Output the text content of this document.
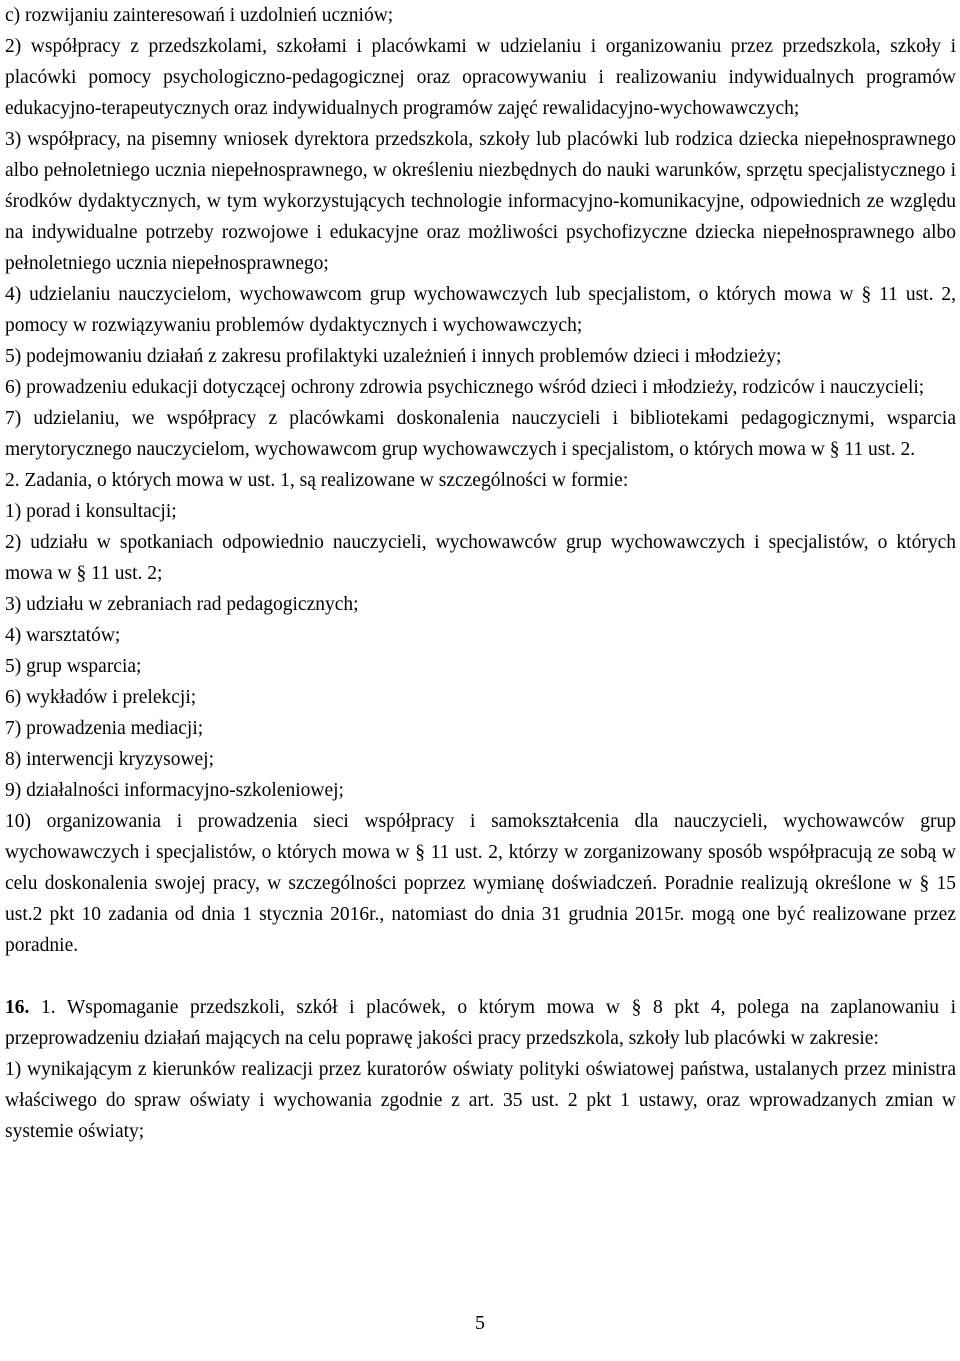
c) rozwijaniu zainteresowań i uzdolnień uczniów;

2) współpracy z przedszkolami, szkołami i placówkami w udzielaniu i organizowaniu przez przedszkola, szkoły i placówki pomocy psychologiczno-pedagogicznej oraz opracowywaniu i realizowaniu indywidualnych programów edukacyjno-terapeutycznych oraz indywidualnych programów zajęć rewalidacyjno-wychowawczych;

3) współpracy, na pisemny wniosek dyrektora przedszkola, szkoły lub placówki lub rodzica dziecka niepełnosprawnego albo pełnoletniego ucznia niepełnosprawnego, w określeniu niezbędnych do nauki warunków, sprzętu specjalistycznego i środków dydaktycznych, w tym wykorzystujących technologie informacyjno-komunikacyjne, odpowiednich ze względu na indywidualne potrzeby rozwojowe i edukacyjne oraz możliwości psychofizyczne dziecka niepełnosprawnego albo pełnoletniego ucznia niepełnosprawnego;

4) udzielaniu nauczycielom, wychowawcom grup wychowawczych lub specjalistom, o których mowa w § 11 ust. 2, pomocy w rozwiązywaniu problemów dydaktycznych i wychowawczych;

5) podejmowaniu działań z zakresu profilaktyki uzależnień i innych problemów dzieci i młodzieży;

6) prowadzeniu edukacji dotyczącej ochrony zdrowia psychicznego wśród dzieci i młodzieży, rodziców i nauczycieli;

7) udzielaniu, we współpracy z placówkami doskonalenia nauczycieli i bibliotekami pedagogicznymi, wsparcia merytorycznego nauczycielom, wychowawcom grup wychowawczych i specjalistom, o których mowa w § 11 ust. 2.

2. Zadania, o których mowa w ust. 1, są realizowane w szczególności w formie:

1) porad i konsultacji;

2) udziału w spotkaniach odpowiednio nauczycieli, wychowawców grup wychowawczych i specjalistów, o których mowa w § 11 ust. 2;

3) udziału w zebraniach rad pedagogicznych;

4) warsztatów;

5) grup wsparcia;

6) wykładów i prelekcji;

7) prowadzenia mediacji;

8) interwencji kryzysowej;

9) działalności informacyjno-szkoleniowej;

10) organizowania i prowadzenia sieci współpracy i samokształcenia dla nauczycieli, wychowawców grup wychowawczych i specjalistów, o których mowa w § 11 ust. 2, którzy w zorganizowany sposób współpracują ze sobą w celu doskonalenia swojej pracy, w szczególności poprzez wymianę doświadczeń. Poradnie realizują określone w § 15 ust.2 pkt 10 zadania od dnia 1 stycznia 2016r., natomiast do dnia 31 grudnia 2015r. mogą one być realizowane przez poradnie.

16. 1. Wspomaganie przedszkoli, szkół i placówek, o którym mowa w § 8 pkt 4, polega na zaplanowaniu i przeprowadzeniu działań mających na celu poprawę jakości pracy przedszkola, szkoły lub placówki w zakresie:

1) wynikającym z kierunków realizacji przez kuratorów oświaty polityki oświatowej państwa, ustalanych przez ministra właściwego do spraw oświaty i wychowania zgodnie z art. 35 ust. 2 pkt 1 ustawy, oraz wprowadzanych zmian w systemie oświaty;

5
